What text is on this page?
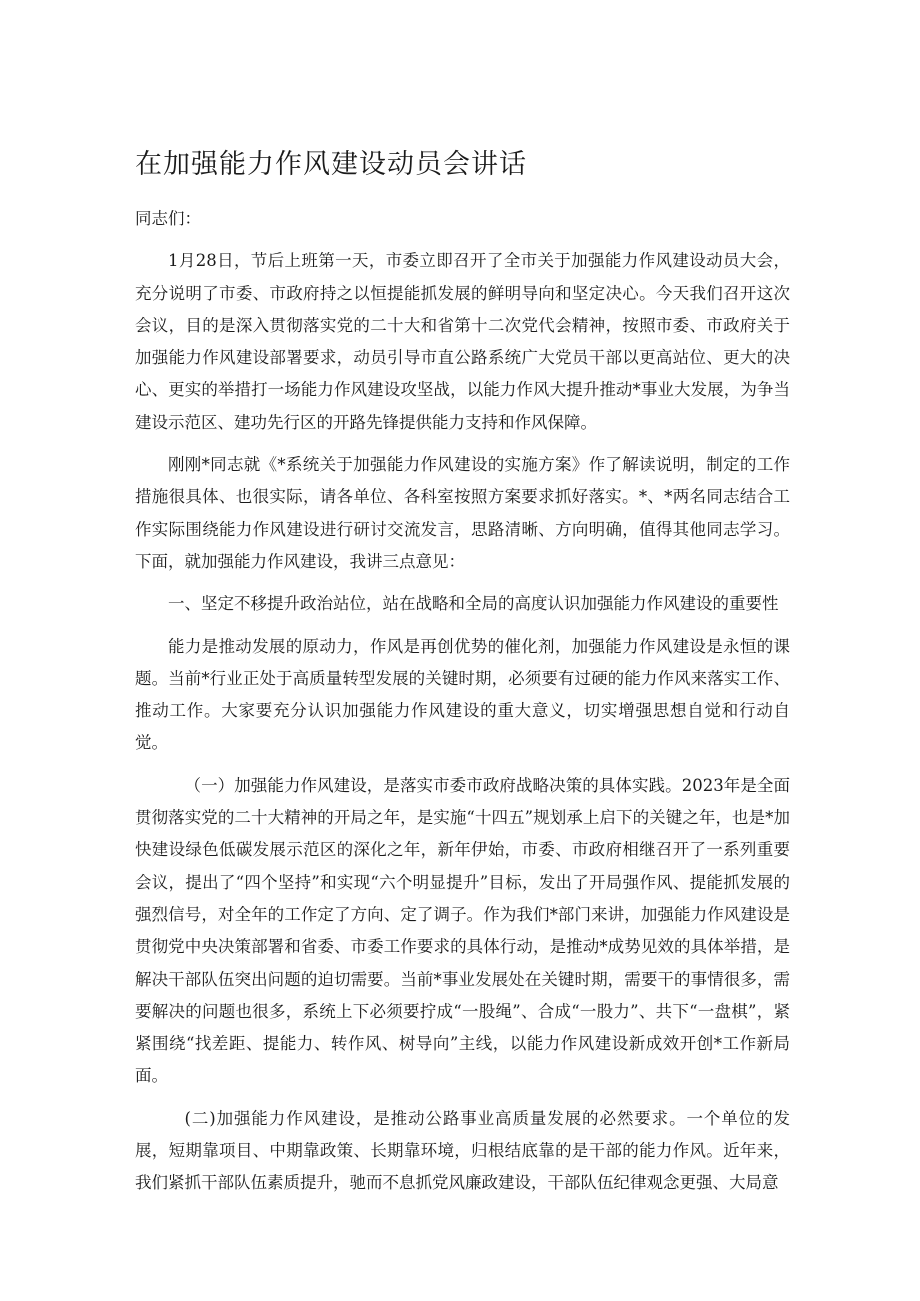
在加强能力作风建设动员会讲话

同志们：

1月28日，节后上班第一天，市委立即召开了全市关于加强能力作风建设动员大会，充分说明了市委、市政府持之以恒提能抓发展的鲜明导向和坚定决心。今天我们召开这次会议，目的是深入贯彻落实党的二十大和省第十二次党代会精神，按照市委、市政府关于加强能力作风建设部署要求，动员引导市直公路系统广大党员干部以更高站位、更大的决心、更实的举措打一场能力作风建设攻坚战，以能力作风大提升推动*事业大发展，为争当建设示范区、建功先行区的开路先锋提供能力支持和作风保障。

刚刚*同志就《*系统关于加强能力作风建设的实施方案》作了解读说明，制定的工作措施很具体、也很实际，请各单位、各科室按照方案要求抓好落实。*、*两名同志结合工作实际围绕能力作风建设进行研讨交流发言，思路清晰、方向明确，值得其他同志学习。下面，就加强能力作风建设，我讲三点意见：

一、坚定不移提升政治站位，站在战略和全局的高度认识加强能力作风建设的重要性

能力是推动发展的原动力，作风是再创优势的催化剂，加强能力作风建设是永恒的课题。当前*行业正处于高质量转型发展的关键时期，必须要有过硬的能力作风来落实工作、推动工作。大家要充分认识加强能力作风建设的重大意义，切实增强思想自觉和行动自觉。

（一）加强能力作风建设，是落实市委市政府战略决策的具体实践。2023年是全面贯彻落实党的二十大精神的开局之年，是实施“十四五”规划承上启下的关键之年，也是*加快建设绿色低碳发展示范区的深化之年，新年伊始，市委、市政府相继召开了一系列重要会议，提出了“四个坚持”和实现“六个明显提升”目标，发出了开局强作风、提能抓发展的强烈信号，对全年的工作定了方向、定了调子。作为我们*部门来讲，加强能力作风建设是贯彻党中央决策部署和省委、市委工作要求的具体行动，是推动*成势见效的具体举措，是解决干部队伍突出问题的迫切需要。当前*事业发展处在关键时期，需要干的事情很多，需要解决的问题也很多，系统上下必须要拧成“一股绳”、合成“一股力”、共下“一盘棋”，紧紧围绕“找差距、提能力、转作风、树导向”主线，以能力作风建设新成效开创*工作新局面。

(二)加强能力作风建设，是推动公路事业高质量发展的必然要求。一个单位的发展，短期靠项目、中期靠政策、长期靠环境，归根结底靠的是干部的能力作风。近年来，我们紧抓干部队伍素质提升，驰而不息抓党风廉政建设，干部队伍纪律观念更强、大局意
